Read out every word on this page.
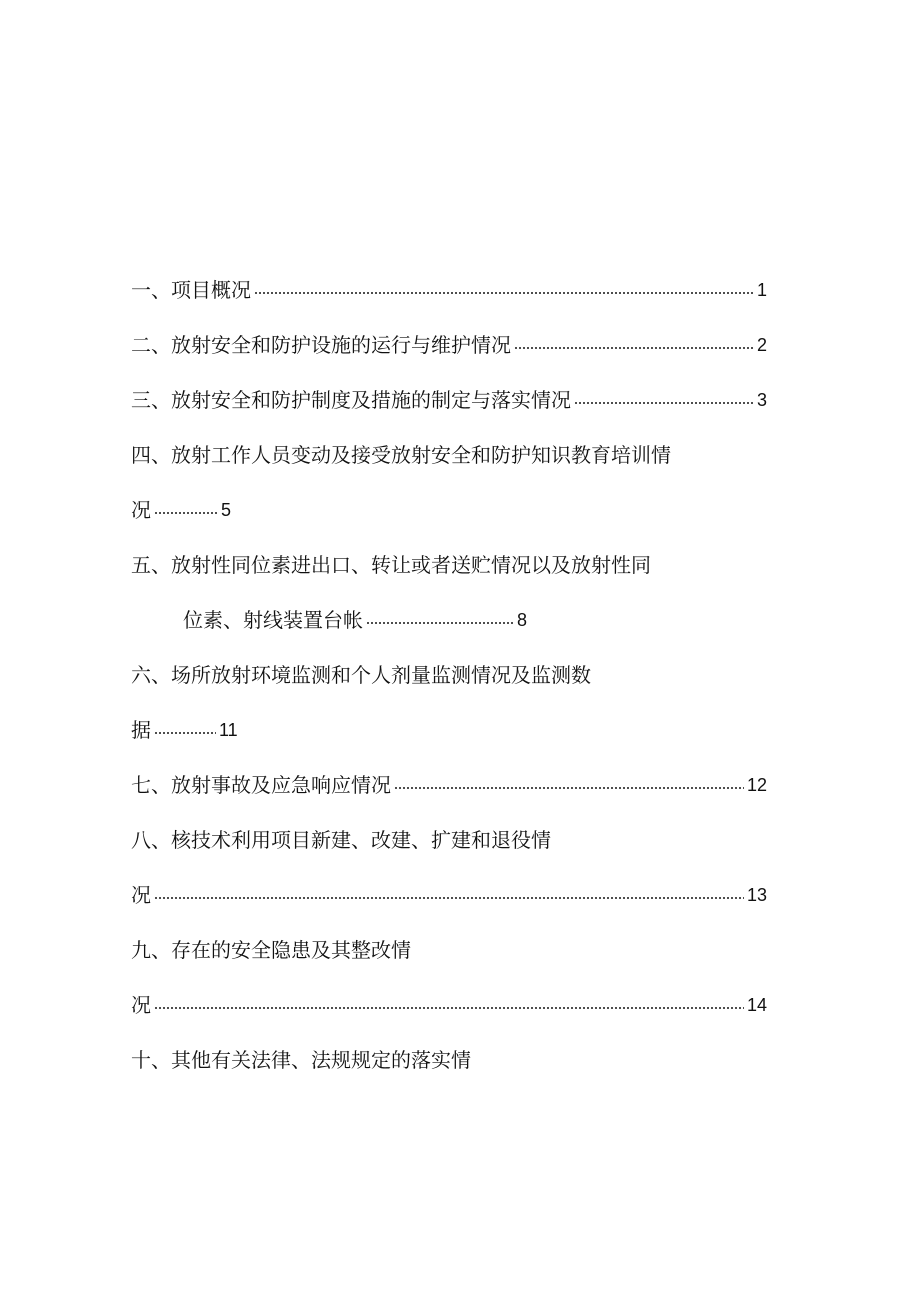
一、项目概况	1
二、放射安全和防护设施的运行与维护情况	2
三、放射安全和防护制度及措施的制定与落实情况	3
四、放射工作人员变动及接受放射安全和防护知识教育培训情
况	5
五、放射性同位素进出口、转让或者送贮情况以及放射性同
位素、射线装置台帐	8
六、场所放射环境监测和个人剂量监测情况及监测数
据	11
七、放射事故及应急响应情况	12
八、核技术利用项目新建、改建、扩建和退役情
况	13
九、存在的安全隐患及其整改情
况	14
十、其他有关法律、法规规定的落实情
